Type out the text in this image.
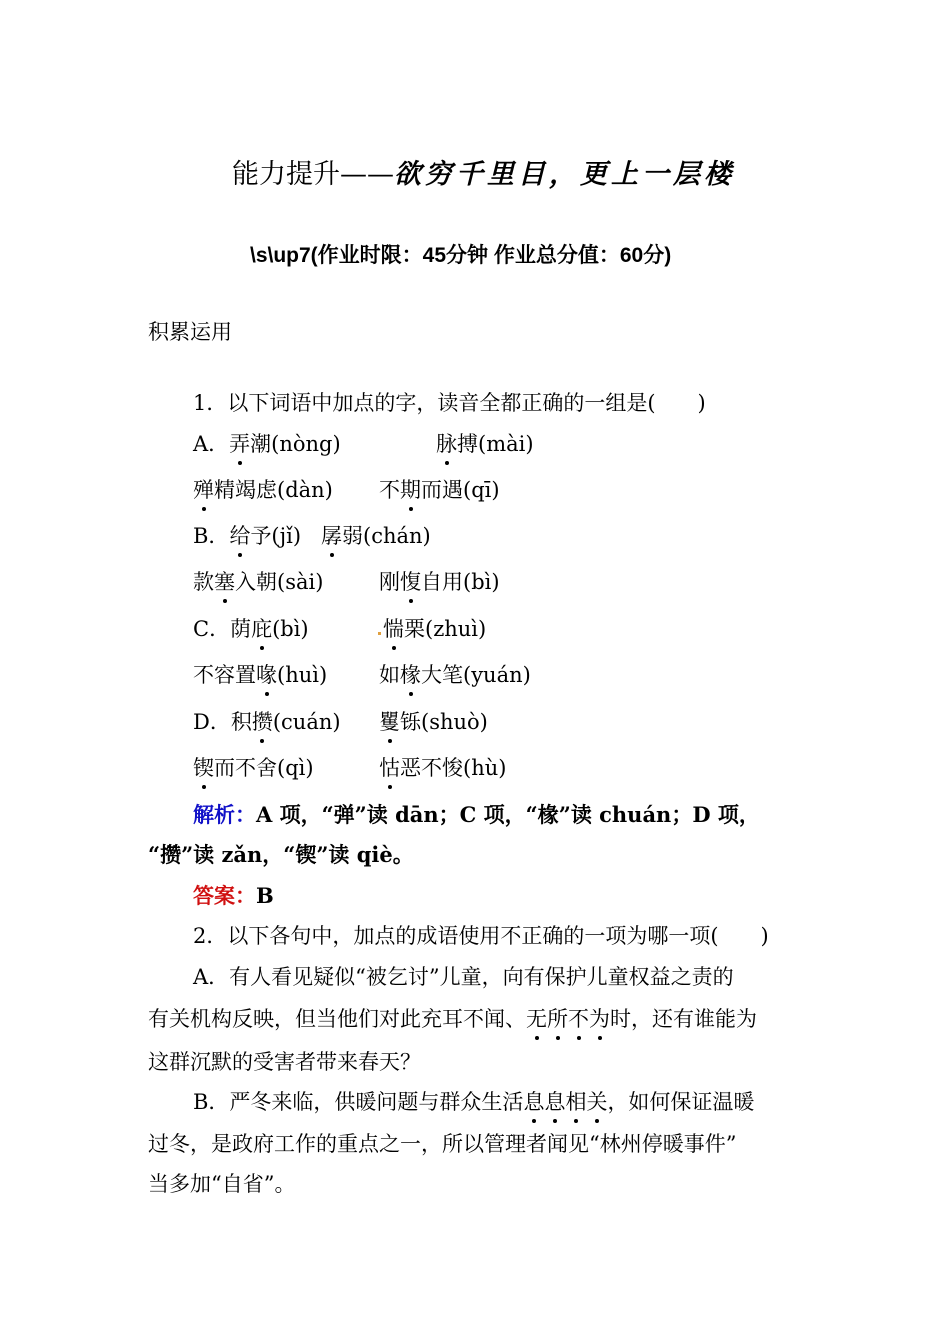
能力提升——欲穷千里目，更上一层楼
\s\up7(作业时限：45分钟 作业总分值：60分)
积累运用
1．以下词语中加点的字，读音全都正确的一组是(　　)
A．弄潮(nòng)	脉搏(mài)
殚精竭虑(dàn) 不期而遇(qī)
B．给予(jǐ) 孱弱(chán)
款塞入朝(sài)	刚愎自用(bì)
C．荫庇(bì)	惴栗(zhuì)
不容置喙(huì) 如椽大笔(yuán)
D．积攒(cuán) 矍铄(shuò)
锲而不舍(qì)	怙恶不悛(hù)
解析：A 项，“弹”读 dān；C 项，“椽”读 chuán；D 项，
“攒”读 zǎn，“锲”读 qiè。
答案：B
2．以下各句中，加点的成语使用不正确的一项为哪一项(　　)
A．有人看见疑似“被乞讨”儿童，向有保护儿童权益之责的
有关机构反映，但当他们对此充耳不闻、无所不为时，还有谁能为
这群沉默的受害者带来春天？
B．严冬来临，供暖问题与群众生活息息相关，如何保证温暖
过冬，是政府工作的重点之一，所以管理者闻见“林州停暖事件”
当多加“自省”。
